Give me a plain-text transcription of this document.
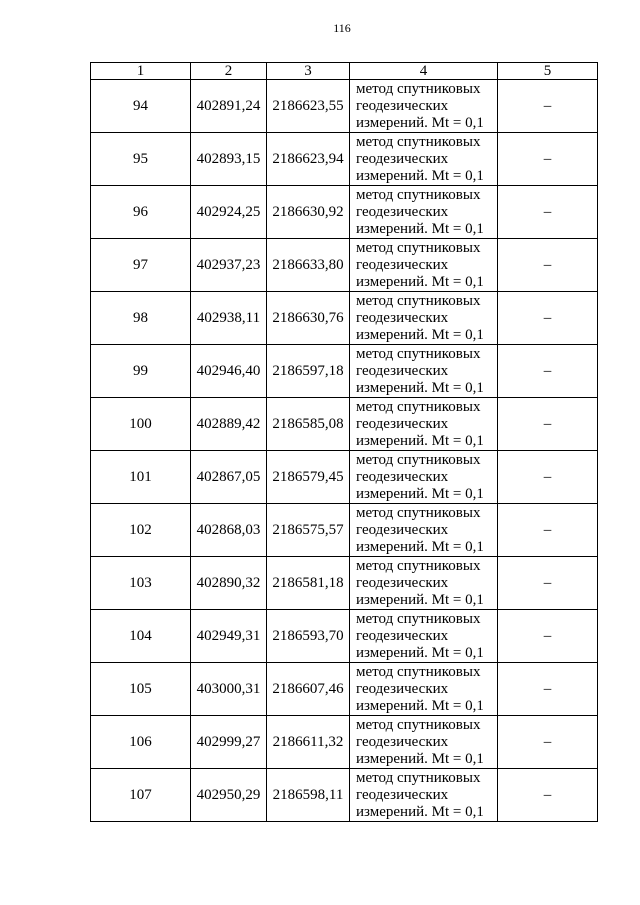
116
1	2	3	4	5
94	402891,24	2186623,55	метод спутниковых
геодезических
измерений. Mt = 0,1	–
95	402893,15	2186623,94	метод спутниковых
геодезических
измерений. Mt = 0,1	–
96	402924,25	2186630,92	метод спутниковых
геодезических
измерений. Mt = 0,1	–
97	402937,23	2186633,80	метод спутниковых
геодезических
измерений. Mt = 0,1	–
98	402938,11	2186630,76	метод спутниковых
геодезических
измерений. Mt = 0,1	–
99	402946,40	2186597,18	метод спутниковых
геодезических
измерений. Mt = 0,1	–
100	402889,42	2186585,08	метод спутниковых
геодезических
измерений. Mt = 0,1	–
101	402867,05	2186579,45	метод спутниковых
геодезических
измерений. Mt = 0,1	–
102	402868,03	2186575,57	метод спутниковых
геодезических
измерений. Mt = 0,1	–
103	402890,32	2186581,18	метод спутниковых
геодезических
измерений. Mt = 0,1	–
104	402949,31	2186593,70	метод спутниковых
геодезических
измерений. Mt = 0,1	–
105	403000,31	2186607,46	метод спутниковых
геодезических
измерений. Mt = 0,1	–
106	402999,27	2186611,32	метод спутниковых
геодезических
измерений. Mt = 0,1	–
107	402950,29	2186598,11	метод спутниковых
геодезических
измерений. Mt = 0,1	–
